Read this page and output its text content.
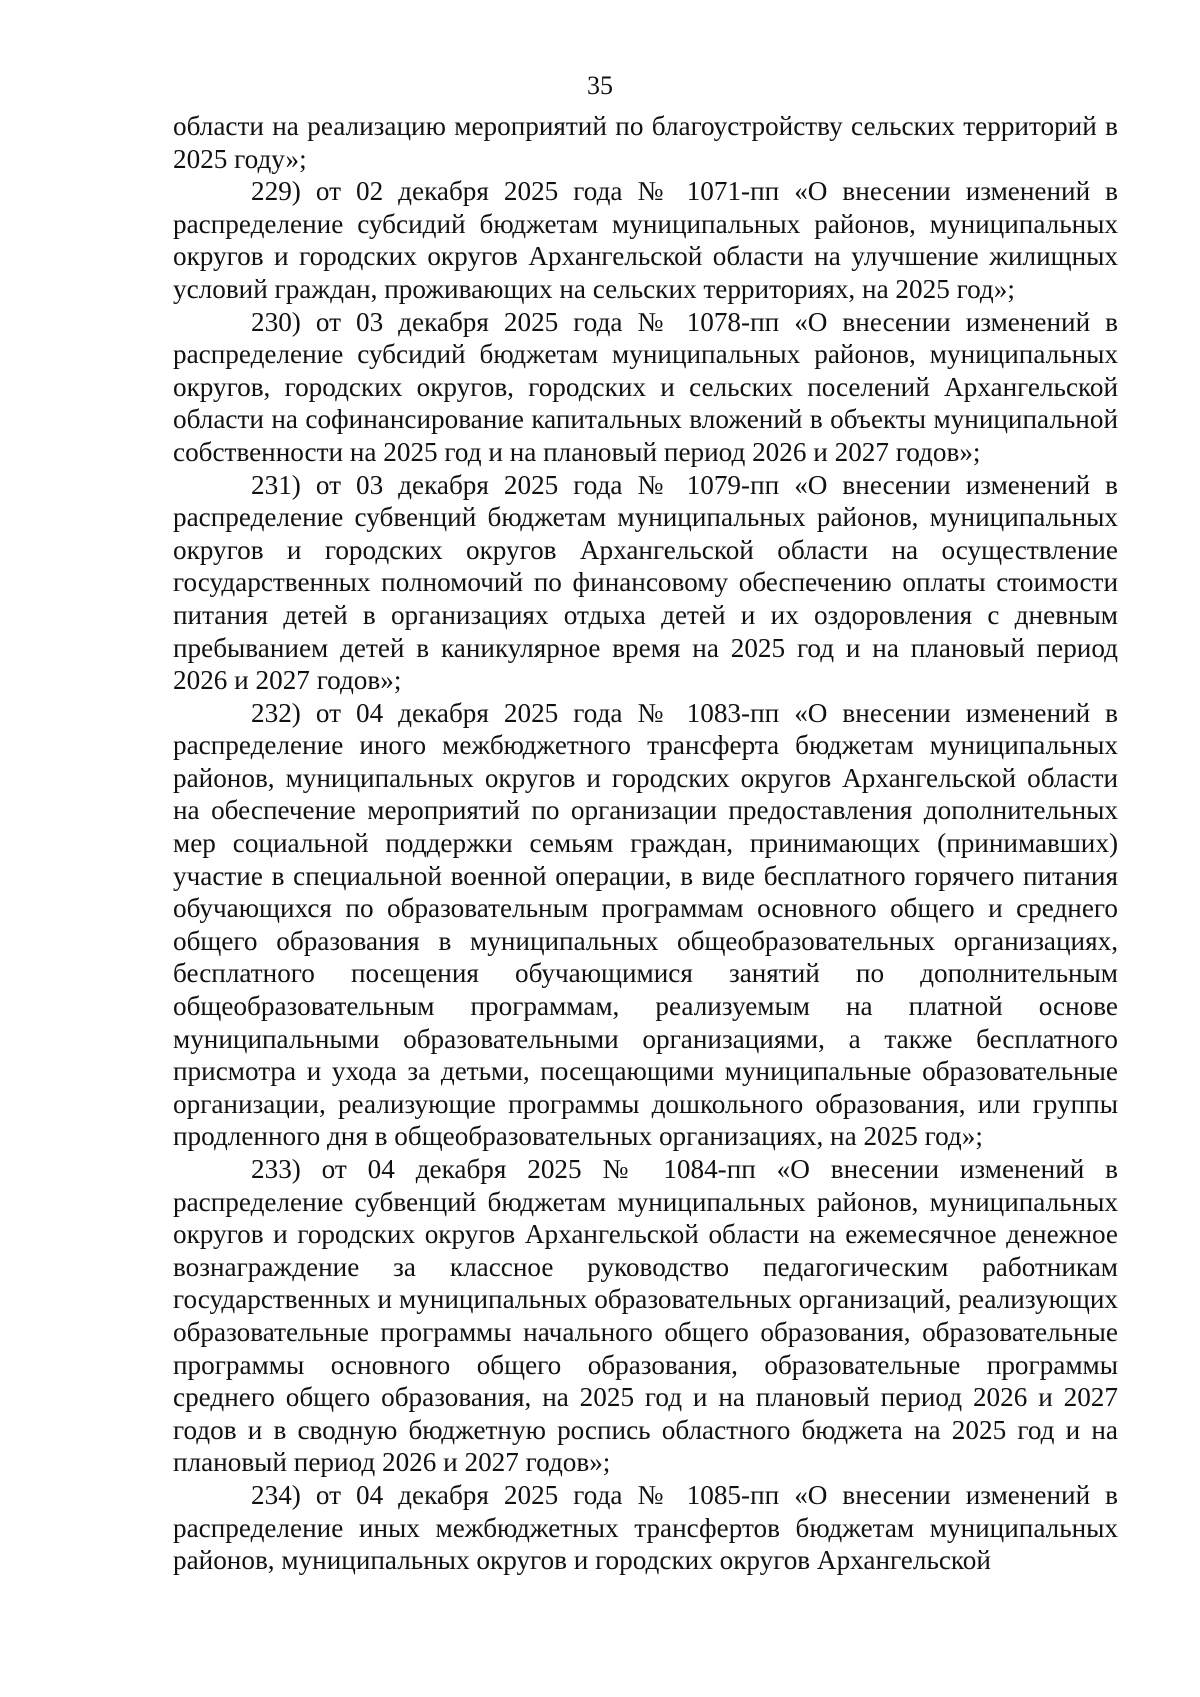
35

области на реализацию мероприятий по благоустройству сельских территорий в 2025 году»;

229) от 02 декабря 2025 года № 1071-пп «О внесении изменений в распределение субсидий бюджетам муниципальных районов, муниципальных округов и городских округов Архангельской области на улучшение жилищных условий граждан, проживающих на сельских территориях, на 2025 год»;

230) от 03 декабря 2025 года № 1078-пп «О внесении изменений в распределение субсидий бюджетам муниципальных районов, муниципальных округов, городских округов, городских и сельских поселений Архангельской области на софинансирование капитальных вложений в объекты муниципальной собственности на 2025 год и на плановый период 2026 и 2027 годов»;

231) от 03 декабря 2025 года № 1079-пп «О внесении изменений в распределение субвенций бюджетам муниципальных районов, муниципальных округов и городских округов Архангельской области на осуществление государственных полномочий по финансовому обеспечению оплаты стоимости питания детей в организациях отдыха детей и их оздоровления с дневным пребыванием детей в каникулярное время на 2025 год и на плановый период 2026 и 2027 годов»;

232) от 04 декабря 2025 года № 1083-пп «О внесении изменений в распределение иного межбюджетного трансферта бюджетам муниципальных районов, муниципальных округов и городских округов Архангельской области на обеспечение мероприятий по организации предоставления дополнительных мер социальной поддержки семьям граждан, принимающих (принимавших) участие в специальной военной операции, в виде бесплатного горячего питания обучающихся по образовательным программам основного общего и среднего общего образования в муниципальных общеобразовательных организациях, бесплатного посещения обучающимися занятий по дополнительным общеобразовательным программам, реализуемым на платной основе муниципальными образовательными организациями, а также бесплатного присмотра и ухода за детьми, посещающими муниципальные образовательные организации, реализующие программы дошкольного образования, или группы продленного дня в общеобразовательных организациях, на 2025 год»;

233) от 04 декабря 2025 № 1084-пп «О внесении изменений в распределение субвенций бюджетам муниципальных районов, муниципальных округов и городских округов Архангельской области на ежемесячное денежное вознаграждение за классное руководство педагогическим работникам государственных и муниципальных образовательных организаций, реализующих образовательные программы начального общего образования, образовательные программы основного общего образования, образовательные программы среднего общего образования, на 2025 год и на плановый период 2026 и 2027 годов и в сводную бюджетную роспись областного бюджета на 2025 год и на плановый период 2026 и 2027 годов»;

234) от 04 декабря 2025 года № 1085-пп «О внесении изменений в распределение иных межбюджетных трансфертов бюджетам муниципальных районов, муниципальных округов и городских округов Архангельской
